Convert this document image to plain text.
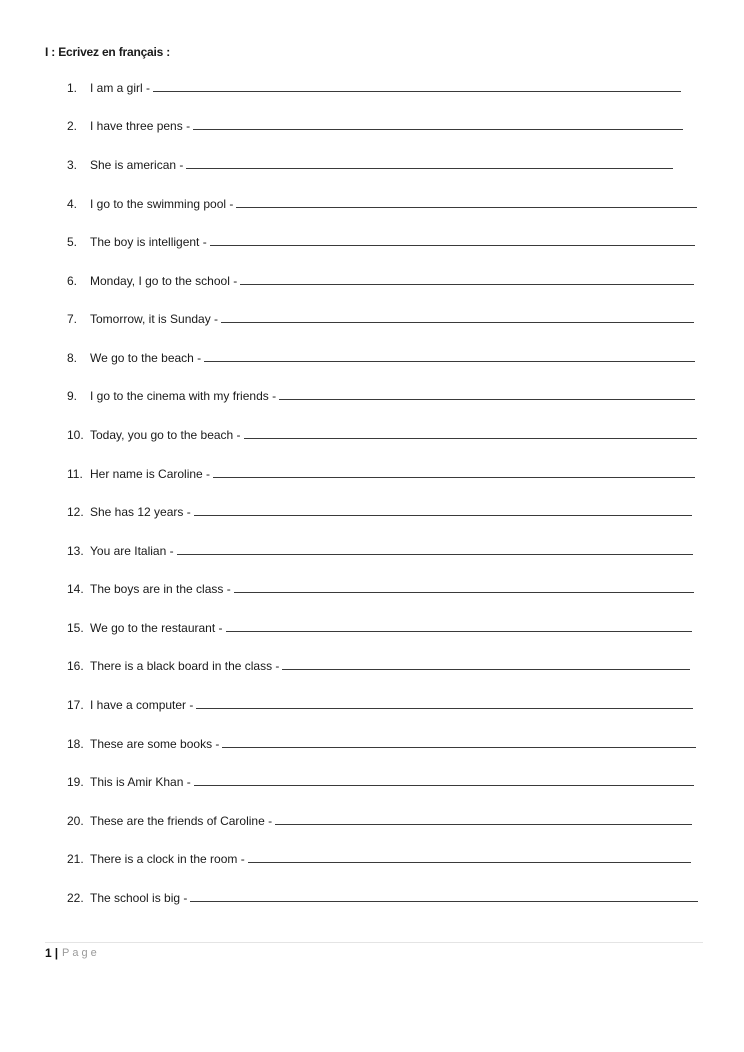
I : Ecrivez en français :
1.	I am a girl -
2.	I have three pens -
3.	She is american -
4.	I go to the swimming pool -
5.	The boy is intelligent -
6.	Monday, I go to the school -
7.	Tomorrow, it is Sunday -
8.	We go to the beach -
9.	I go to the cinema with my friends -
10. Today, you go to the beach -
11. Her name is Caroline -
12. She has 12 years -
13. You are Italian -
14. The boys are in the class -
15. We go to the restaurant -
16. There is a black board in the class -
17. I have a computer -
18. These are some books -
19. This is Amir Khan -
20. These are the friends of Caroline -
21. There is a clock in the room -
22. The school is big -
1 | Page
